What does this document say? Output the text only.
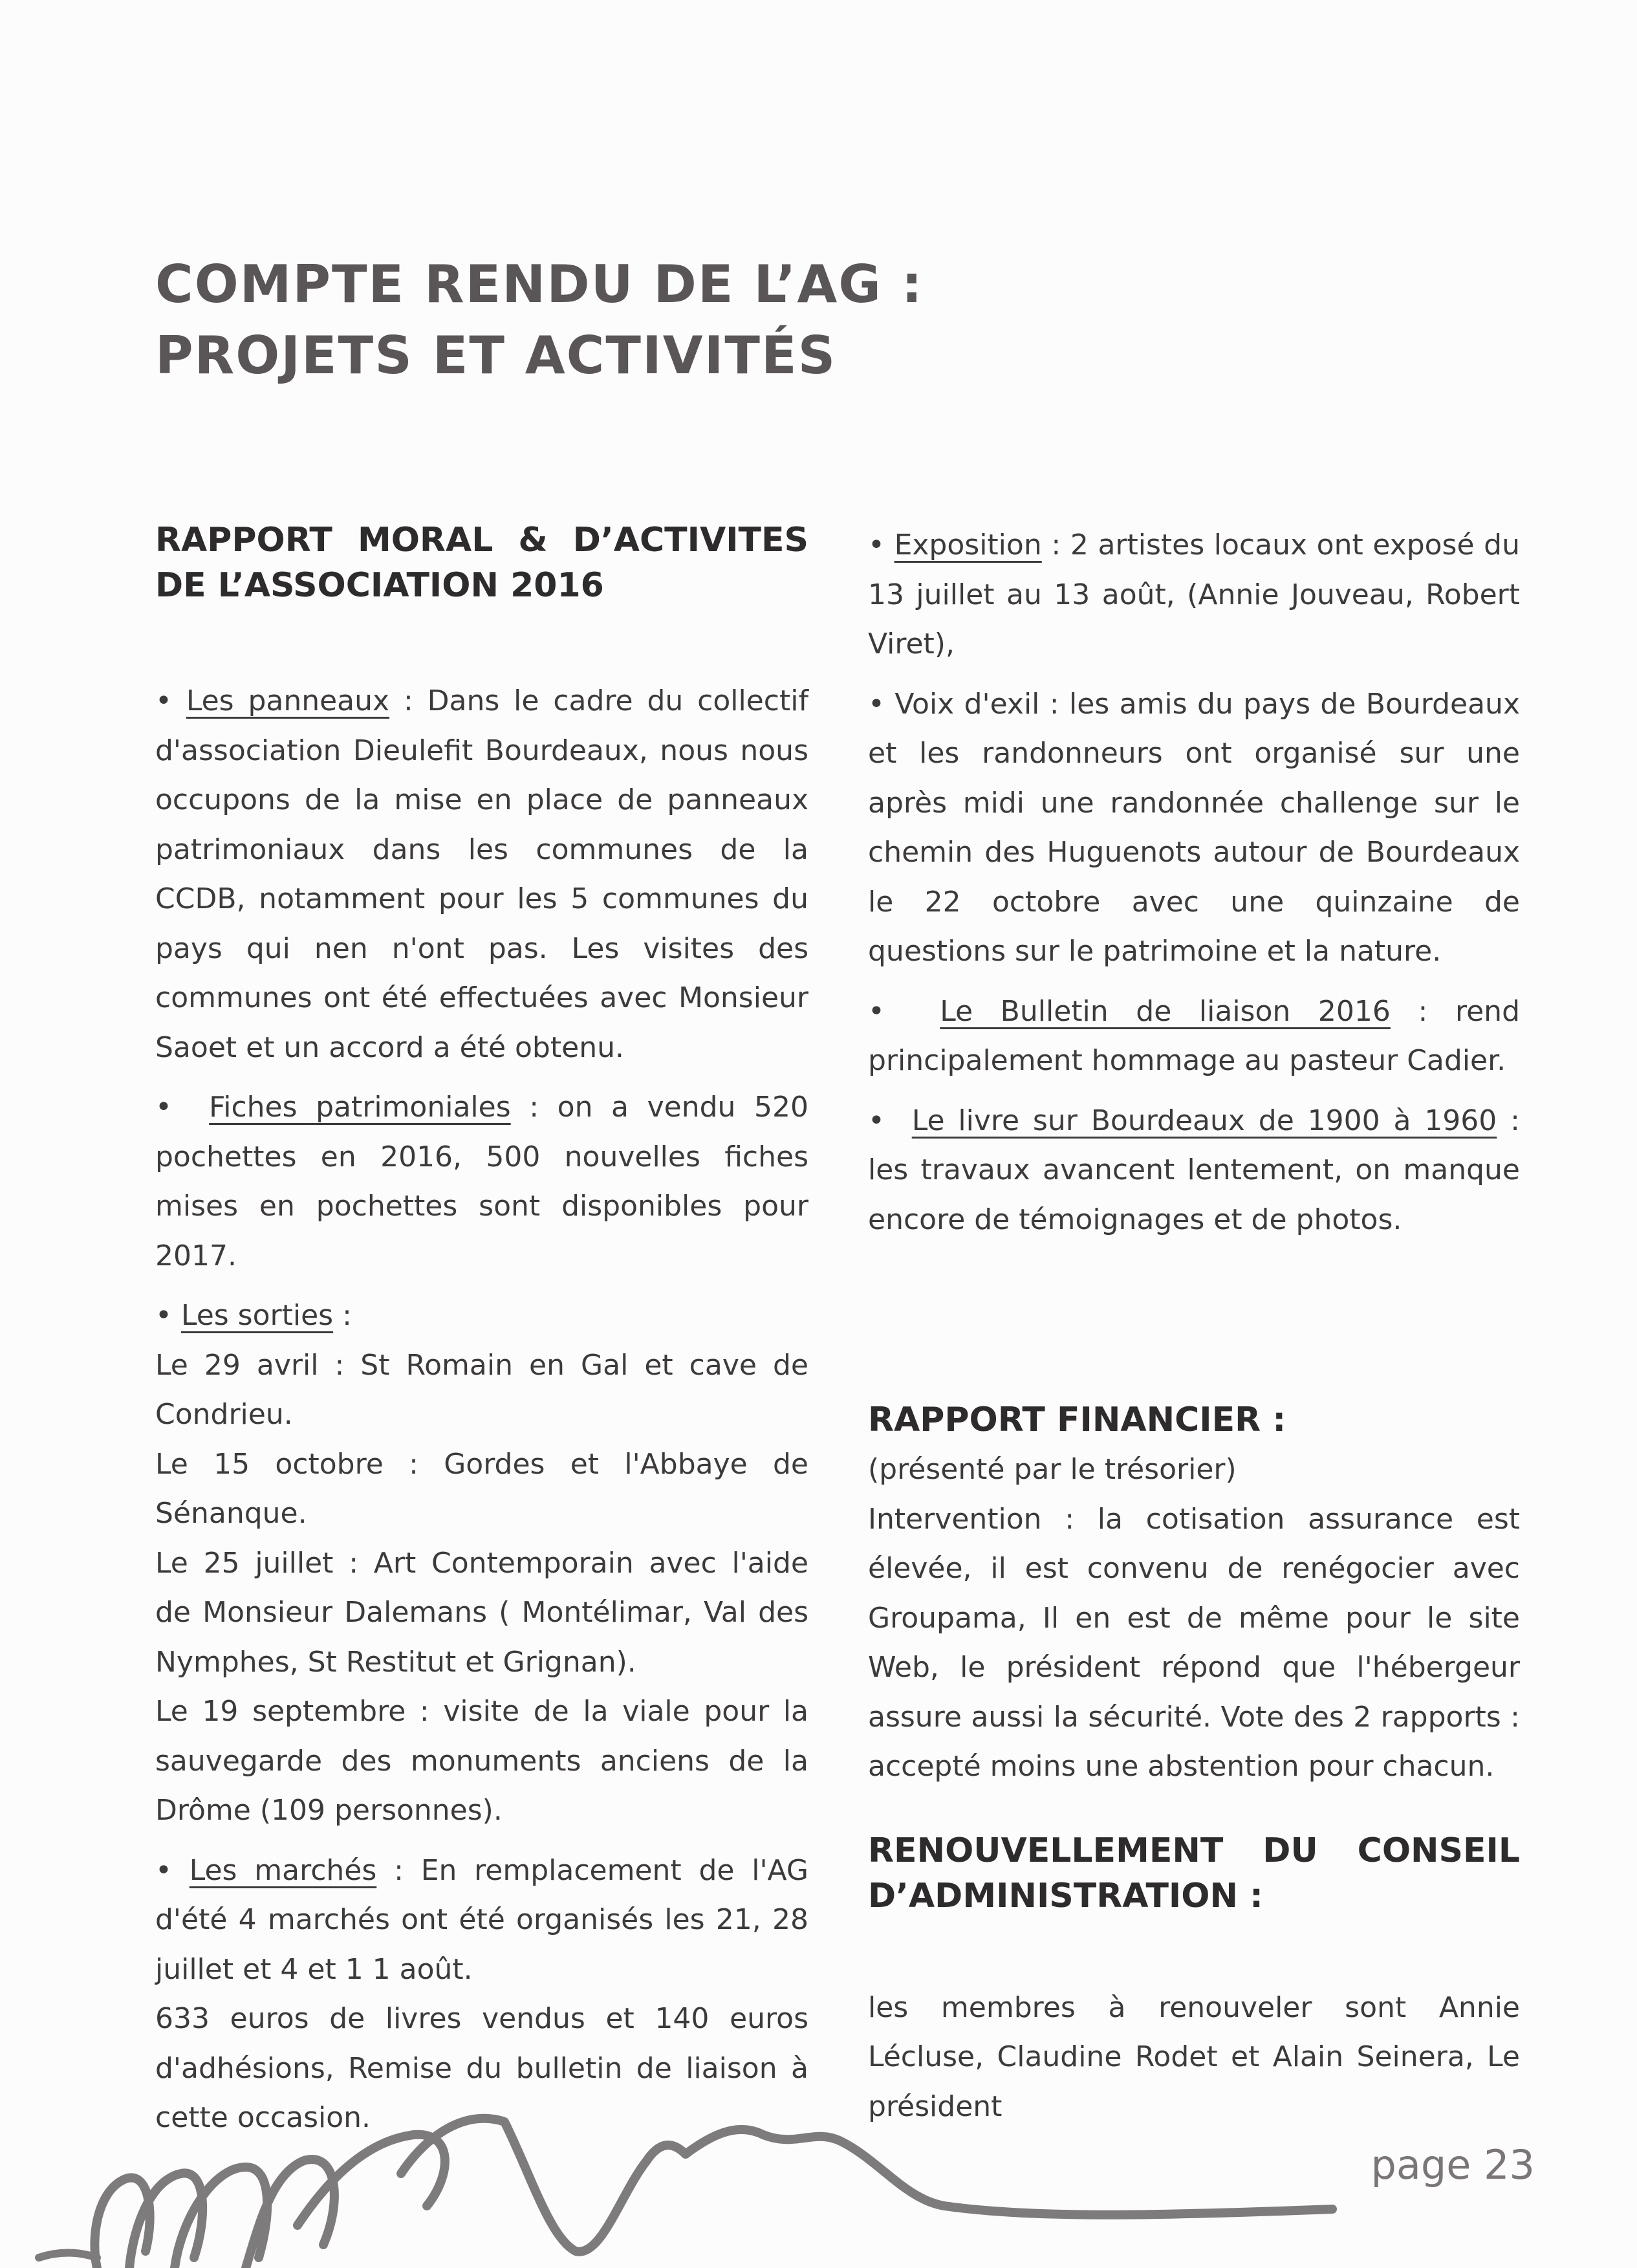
COMPTE RENDU DE L’AG :
PROJETS ET ACTIVITÉS
RAPPORT MORAL & D’ACTIVITES DE L’ASSOCIATION 2016

• Les panneaux : Dans le cadre du collectif d'association Dieulefit Bourdeaux, nous nous occupons de la mise en place de panneaux patrimoniaux dans les communes de la CCDB, notamment pour les 5 communes du pays qui nen n'ont pas. Les visites des communes ont été effectuées avec Monsieur Saoet et un accord a été obtenu.

•  Fiches patrimoniales : on a vendu 520 pochettes en 2016, 500 nouvelles fiches mises en pochettes sont disponibles pour 2017.

• Les sorties :

Le 29 avril : St Romain en Gal et cave de Condrieu.

Le 15 octobre : Gordes et l'Abbaye de Sénanque.

Le 25 juillet : Art Contemporain avec l'aide de Monsieur Dalemans ( Montélimar, Val des Nymphes, St Restitut et Grignan).

Le 19 septembre : visite de la viale pour la sauvegarde des monuments anciens de la Drôme (109 personnes).

• Les marchés : En remplacement de l'AG d'été 4 marchés ont été organisés les 21, 28 juillet et 4 et 1 1 août.

633 euros de livres vendus et 140 euros d'adhésions, Remise du bulletin de liaison à cette occasion.

• Exposition : 2 artistes locaux ont exposé du 13 juillet au 13 août, (Annie Jouveau, Robert Viret),

• Voix d'exil : les amis du pays de Bourdeaux et les randonneurs ont organisé sur une après midi une randonnée challenge sur le chemin des Huguenots autour de Bourdeaux le 22 octobre avec une quinzaine de questions sur le patrimoine et la nature.

•  Le Bulletin de liaison 2016 : rend principalement hommage au pasteur Cadier.

•  Le livre sur Bourdeaux de 1900 à 1960 : les travaux avancent lentement, on manque encore de témoignages et de photos.

RAPPORT FINANCIER :

(présenté par le trésorier)

Intervention : la cotisation assurance est élevée, il est convenu de renégocier avec Groupama, Il en est de même pour le site Web, le président répond que l'hébergeur assure aussi la sécurité. Vote des 2 rapports : accepté moins une abstention pour chacun.

RENOUVELLEMENT DU CONSEIL D’ADMINISTRATION :

les membres à renouveler sont Annie Lécluse, Claudine Rodet et Alain Seinera, Le président

page 23
